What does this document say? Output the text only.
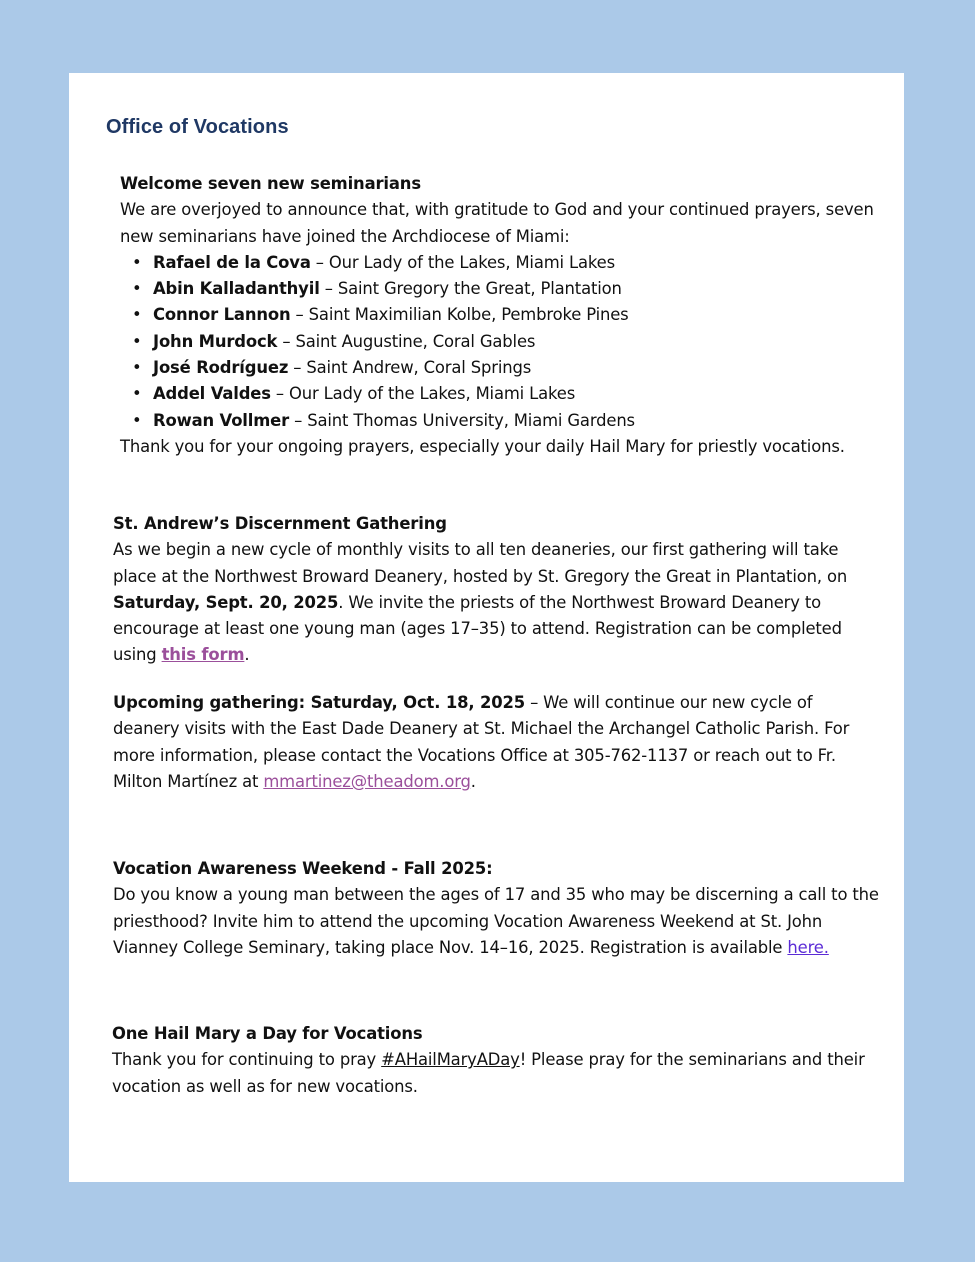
Office of Vocations

Welcome seven new seminarians

We are overjoyed to announce that, with gratitude to God and your continued prayers, seven new seminarians have joined the Archdiocese of Miami:

• Rafael de la Cova – Our Lady of the Lakes, Miami Lakes
• Abin Kalladanthyil – Saint Gregory the Great, Plantation
• Connor Lannon – Saint Maximilian Kolbe, Pembroke Pines
• John Murdock – Saint Augustine, Coral Gables
• José Rodríguez – Saint Andrew, Coral Springs
• Addel Valdes – Our Lady of the Lakes, Miami Lakes
• Rowan Vollmer – Saint Thomas University, Miami Gardens

Thank you for your ongoing prayers, especially your daily Hail Mary for priestly vocations.

St. Andrew’s Discernment Gathering

As we begin a new cycle of monthly visits to all ten deaneries, our first gathering will take place at the Northwest Broward Deanery, hosted by St. Gregory the Great in Plantation, on Saturday, Sept. 20, 2025. We invite the priests of the Northwest Broward Deanery to encourage at least one young man (ages 17–35) to attend. Registration can be completed using this form.

Upcoming gathering: Saturday, Oct. 18, 2025 – We will continue our new cycle of deanery visits with the East Dade Deanery at St. Michael the Archangel Catholic Parish. For more information, please contact the Vocations Office at 305-762-1137 or reach out to Fr. Milton Martínez at mmartinez@theadom.org.

Vocation Awareness Weekend - Fall 2025:

Do you know a young man between the ages of 17 and 35 who may be discerning a call to the priesthood? Invite him to attend the upcoming Vocation Awareness Weekend at St. John Vianney College Seminary, taking place Nov. 14–16, 2025. Registration is available here.

One Hail Mary a Day for Vocations

Thank you for continuing to pray #AHailMaryADay! Please pray for the seminarians and their vocation as well as for new vocations.
